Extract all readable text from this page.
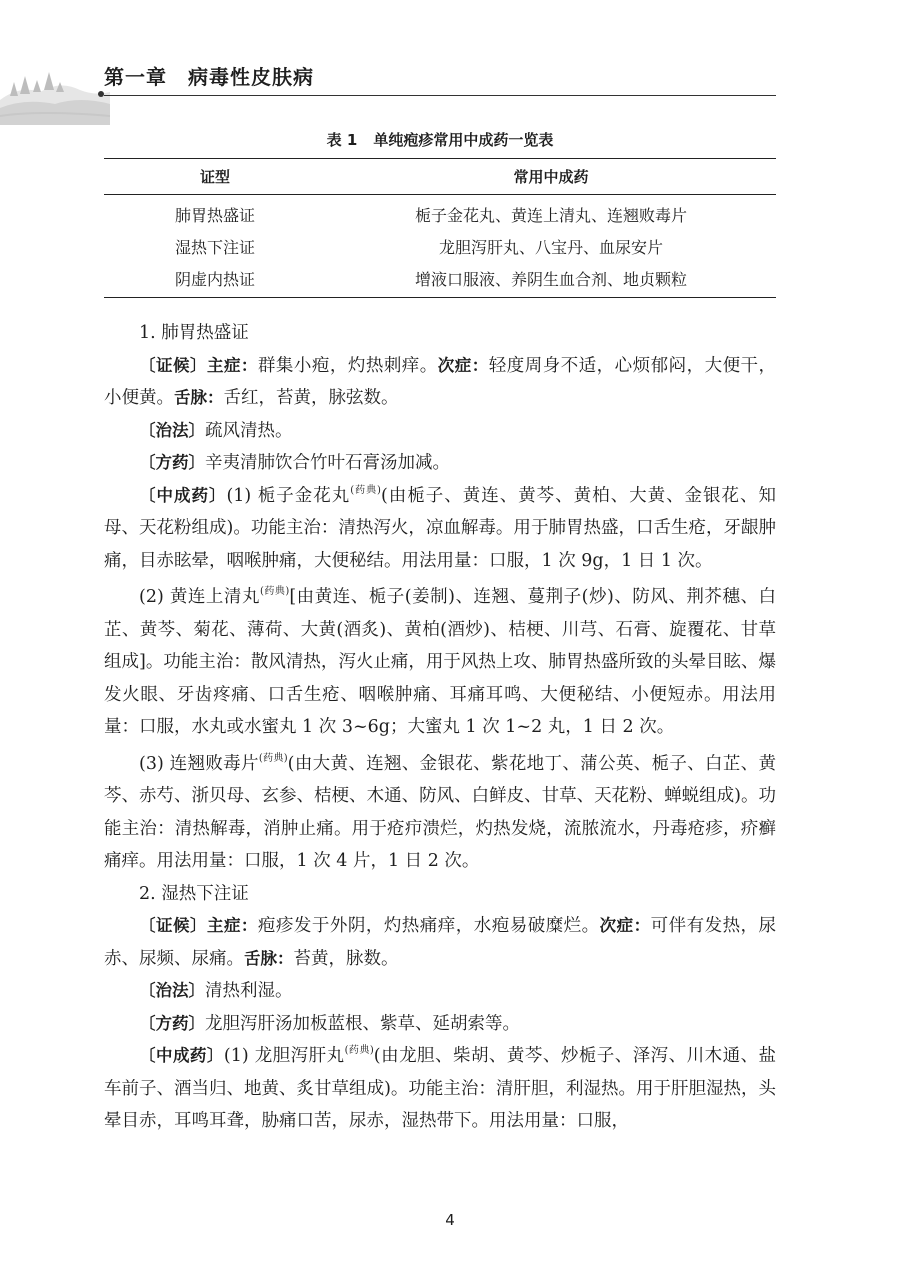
第一章　病毒性皮肤病
表 1 单纯疱疹常用中成药一览表
证型	常用中成药
肺胃热盛证	栀子金花丸、黄连上清丸、连翘败毒片
湿热下注证	龙胆泻肝丸、八宝丹、血尿安片
阴虚内热证	增液口服液、养阴生血合剂、地贞颗粒

1. 肺胃热盛证

〔证候〕主症：群集小疱，灼热刺痒。次症：轻度周身不适，心烦郁闷，大便干，小便黄。舌脉：舌红，苔黄，脉弦数。

〔治法〕疏风清热。

〔方药〕辛夷清肺饮合竹叶石膏汤加减。

〔中成药〕(1) 栀子金花丸$^{(药典)}$(由栀子、黄连、黄芩、黄柏、大黄、金银花、知母、天花粉组成)。功能主治：清热泻火，凉血解毒。用于肺胃热盛，口舌生疮，牙龈肿痛，目赤眩晕，咽喉肿痛，大便秘结。用法用量：口服，1 次 9g，1 日 1 次。

(2) 黄连上清丸$^{(药典)}$[由黄连、栀子(姜制)、连翘、蔓荆子(炒)、防风、荆芥穗、白芷、黄芩、菊花、薄荷、大黄(酒炙)、黄柏(酒炒)、桔梗、川芎、石膏、旋覆花、甘草组成]。功能主治：散风清热，泻火止痛，用于风热上攻、肺胃热盛所致的头晕目眩、爆发火眼、牙齿疼痛、口舌生疮、咽喉肿痛、耳痛耳鸣、大便秘结、小便短赤。用法用量：口服，水丸或水蜜丸 1 次 3~6g；大蜜丸 1 次 1~2 丸，1 日 2 次。

(3) 连翘败毒片$^{(药典)}$(由大黄、连翘、金银花、紫花地丁、蒲公英、栀子、白芷、黄芩、赤芍、浙贝母、玄参、桔梗、木通、防风、白鲜皮、甘草、天花粉、蝉蜕组成)。功能主治：清热解毒，消肿止痛。用于疮疖溃烂，灼热发烧，流脓流水，丹毒疮疹，疥癣痛痒。用法用量：口服，1 次 4 片，1 日 2 次。

2. 湿热下注证

〔证候〕主症：疱疹发于外阴，灼热痛痒，水疱易破糜烂。次症：可伴有发热，尿赤、尿频、尿痛。舌脉：苔黄，脉数。

〔治法〕清热利湿。

〔方药〕龙胆泻肝汤加板蓝根、紫草、延胡索等。

〔中成药〕(1) 龙胆泻肝丸$^{(药典)}$(由龙胆、柴胡、黄芩、炒栀子、泽泻、川木通、盐车前子、酒当归、地黄、炙甘草组成)。功能主治：清肝胆，利湿热。用于肝胆湿热，头晕目赤，耳鸣耳聋，胁痛口苦，尿赤，湿热带下。用法用量：口服，

4
